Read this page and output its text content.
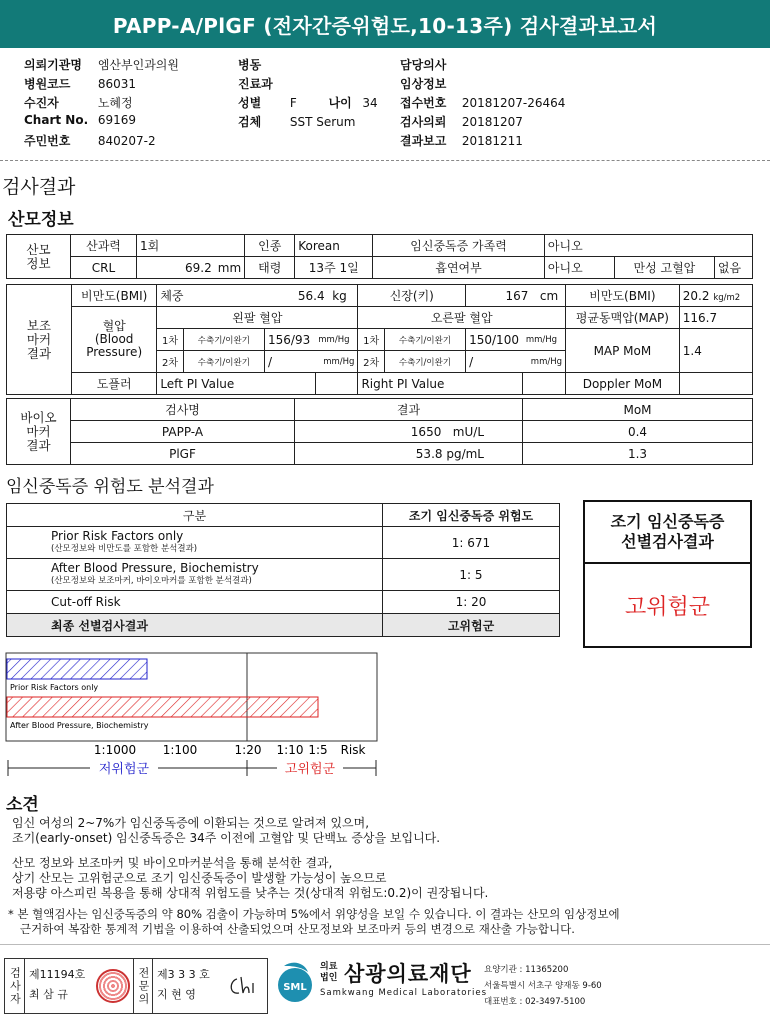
PAPP-A/PlGF (전자간증위험도,10-13주) 검사결과보고서
의뢰기관명 엠산부인과의원
병원코드 86031
수진자	노혜정
Chart No. 69169
주민번호 840207-2
병동
진료과
성별 F	나이 34
검체 SST Serum
담당의사
임상정보
접수번호 20181207-26464
검사의뢰 20181207
결과보고 20181211
검사결과
산모정보
산모
정보	산과력	1회		인종	Korean	임신중독증 가족력	아니오		
	CRL	69.2	mm	태령	13주 1일	흡연여부	아니오	만성 고혈압	없음
보조
마커
결과	비만도(BMI)	체중		56.4 kg		신장(키)		167 cm		비만도(BMI)	20.2 kg/m2
	혈압
(Blood
Pressure)	왼팔 혈압				오른팔 혈압				평균동맥압(MAP)	116.7
		1차	수축기/이완기	156/93	mm/Hg	1차	수축기/이완기	150/100	mm/Hg	MAP MoM	1.4
		2차	수축기/이완기	/	mm/Hg	2차	수축기/이완기	/	mm/Hg		
	도플러	Left PI Value				Right PI Value				Doppler MoM	
바이오
마커
결과	검사명	결과	MoM
	PAPP-A	1650 mU/L	0.4
	PlGF	53.8 pg/mL	1.3
임신중독증 위험도 분석결과
구분	조기 임신중독증 위험도

Prior Risk Factors only
(산모정보와 비만도를 포함한 분석결과)	1: 671

After Blood Pressure, Biochemistry
(산모정보와 보조마커, 바이오마커를 포함한 분석결과)	1: 5
Cut-off Risk	1: 20
최종 선별검사결과	고위험군
조기 임신중독증
선별검사결과
고위험군
Prior Risk Factors only
After Blood Pressure, Biochemistry
1:1000 1:100	1:20 1:10 1:5 Risk
저위험군	고위험군
소견
임신 여성의 2~7%가 임신중독증에 이환되는 것으로 알려져 있으며,
조기(early-onset) 임신중독증은 34주 이전에 고혈압 및 단백뇨 증상을 보입니다.
산모 정보와 보조마커 및 바이오마커분석을 통해 분석한 결과,
상기 산모는 고위험군으로 조기 임신중독증이 발생할 가능성이 높으므로
저용량 아스피린 복용을 통해 상대적 위험도를 낮추는 것(상대적 위험도:0.2)이 권장됩니다.
* 본 혈액검사는 임신중독증의 약 80% 검출이 가능하며 5%에서 위양성을 보일 수 있습니다. 이 결과는 산모의 임상정보에
근거하여 복잡한 통계적 기법을 이용하여 산출되었으며 산모정보와 보조마커 등의 변경으로 재산출 가능합니다.
검사자 제11194호
최 삼 규	전문의 제3 3 3 호
지 현 영
SML
의료법인 삼광의료재단
Samkwang Medical Laboratories
요양기관 : 11365200
서울특별시 서초구 양재동 9-60
대표번호 : 02-3497-5100
